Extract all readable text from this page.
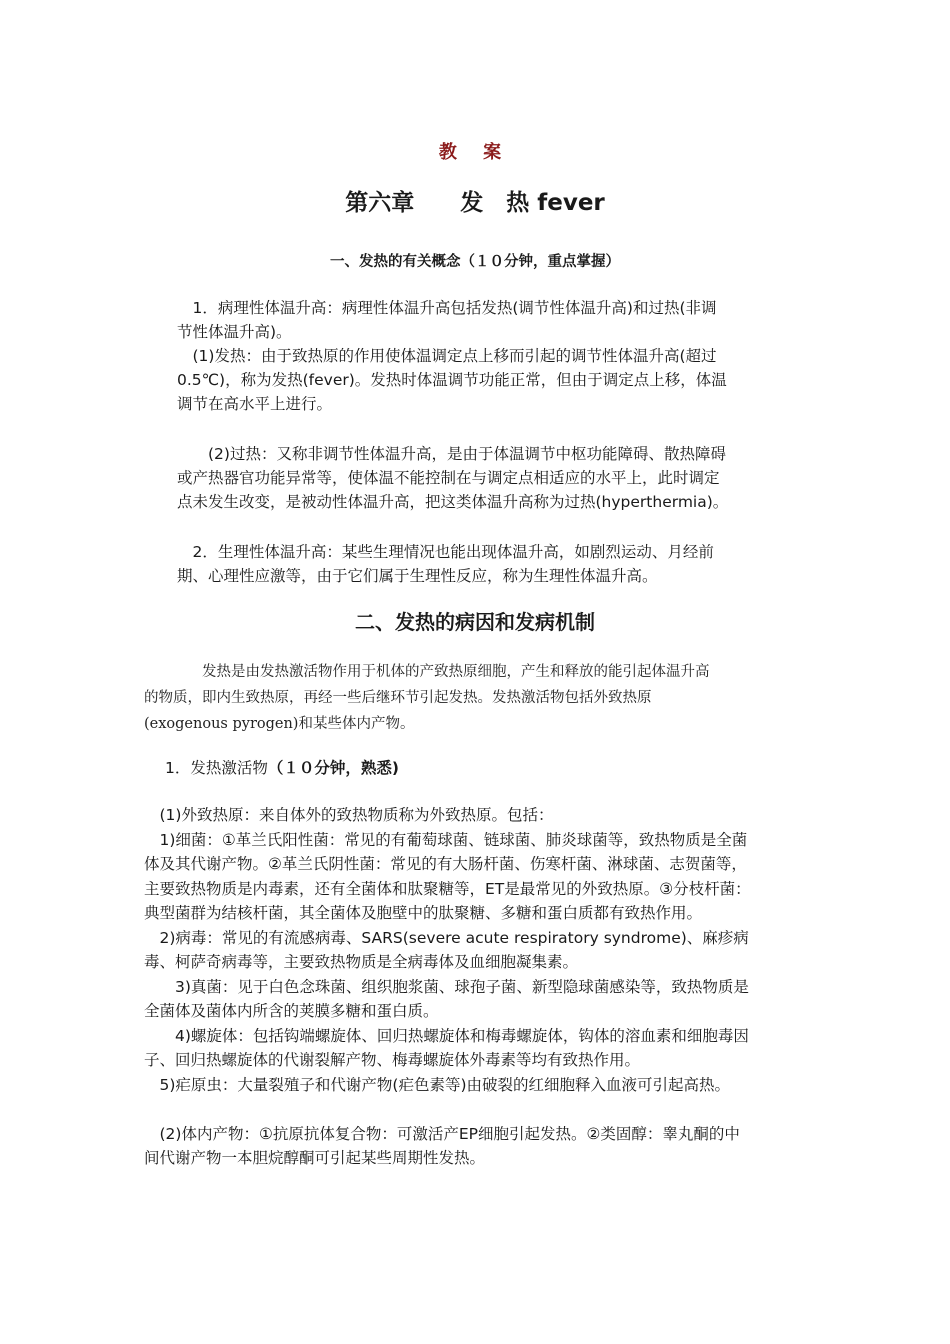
教 案
第六章　　发　热 fever
一、发热的有关概念（１０分钟，重点掌握）
　1．病理性体温升高：病理性体温升高包括发热(调节性体温升高)和过热(非调
节性体温升高)。
　(1)发热：由于致热原的作用使体温调定点上移而引起的调节性体温升高(超过
0.5℃)，称为发热(fever)。发热时体温调节功能正常，但由于调定点上移，体温
调节在高水平上进行。
　　(2)过热：又称非调节性体温升高，是由于体温调节中枢功能障碍、散热障碍
或产热器官功能异常等，使体温不能控制在与调定点相适应的水平上，此时调定
点未发生改变，是被动性体温升高，把这类体温升高称为过热(hyperthermia)。
　2．生理性体温升高：某些生理情况也能出现体温升高，如剧烈运动、月经前
期、心理性应激等，由于它们属于生理性反应，称为生理性体温升高。
二、发热的病因和发病机制
　　　　发热是由发热激活物作用于机体的产致热原细胞，产生和释放的能引起体温升高
的物质，即内生致热原，再经一些后继环节引起发热。发热激活物包括外致热原
(exogenous pyrogen)和某些体内产物。
1．发热激活物（１０分钟，熟悉)
　(1)外致热原：来自体外的致热物质称为外致热原。包括：
　1)细菌：①革兰氏阳性菌：常见的有葡萄球菌、链球菌、肺炎球菌等，致热物质是全菌
体及其代谢产物。②革兰氏阴性菌：常见的有大肠杆菌、伤寒杆菌、淋球菌、志贺菌等，
主要致热物质是内毒素，还有全菌体和肽聚糖等，ET是最常见的外致热原。③分枝杆菌：
典型菌群为结核杆菌，其全菌体及胞壁中的肽聚糖、多糖和蛋白质都有致热作用。
　2)病毒：常见的有流感病毒、SARS(severe acute respiratory syndrome)、麻疹病
毒、柯萨奇病毒等，主要致热物质是全病毒体及血细胞凝集素。
　　3)真菌：见于白色念珠菌、组织胞浆菌、球孢子菌、新型隐球菌感染等，致热物质是
全菌体及菌体内所含的荚膜多糖和蛋白质。
　　4)螺旋体：包括钩端螺旋体、回归热螺旋体和梅毒螺旋体，钩体的溶血素和细胞毒因
子、回归热螺旋体的代谢裂解产物、梅毒螺旋体外毒素等均有致热作用。
　5)疟原虫：大量裂殖子和代谢产物(疟色素等)由破裂的红细胞释入血液可引起高热。

　(2)体内产物：①抗原抗体复合物：可激活产EP细胞引起发热。②类固醇：睾丸酮的中
间代谢产物一本胆烷醇酮可引起某些周期性发热。
